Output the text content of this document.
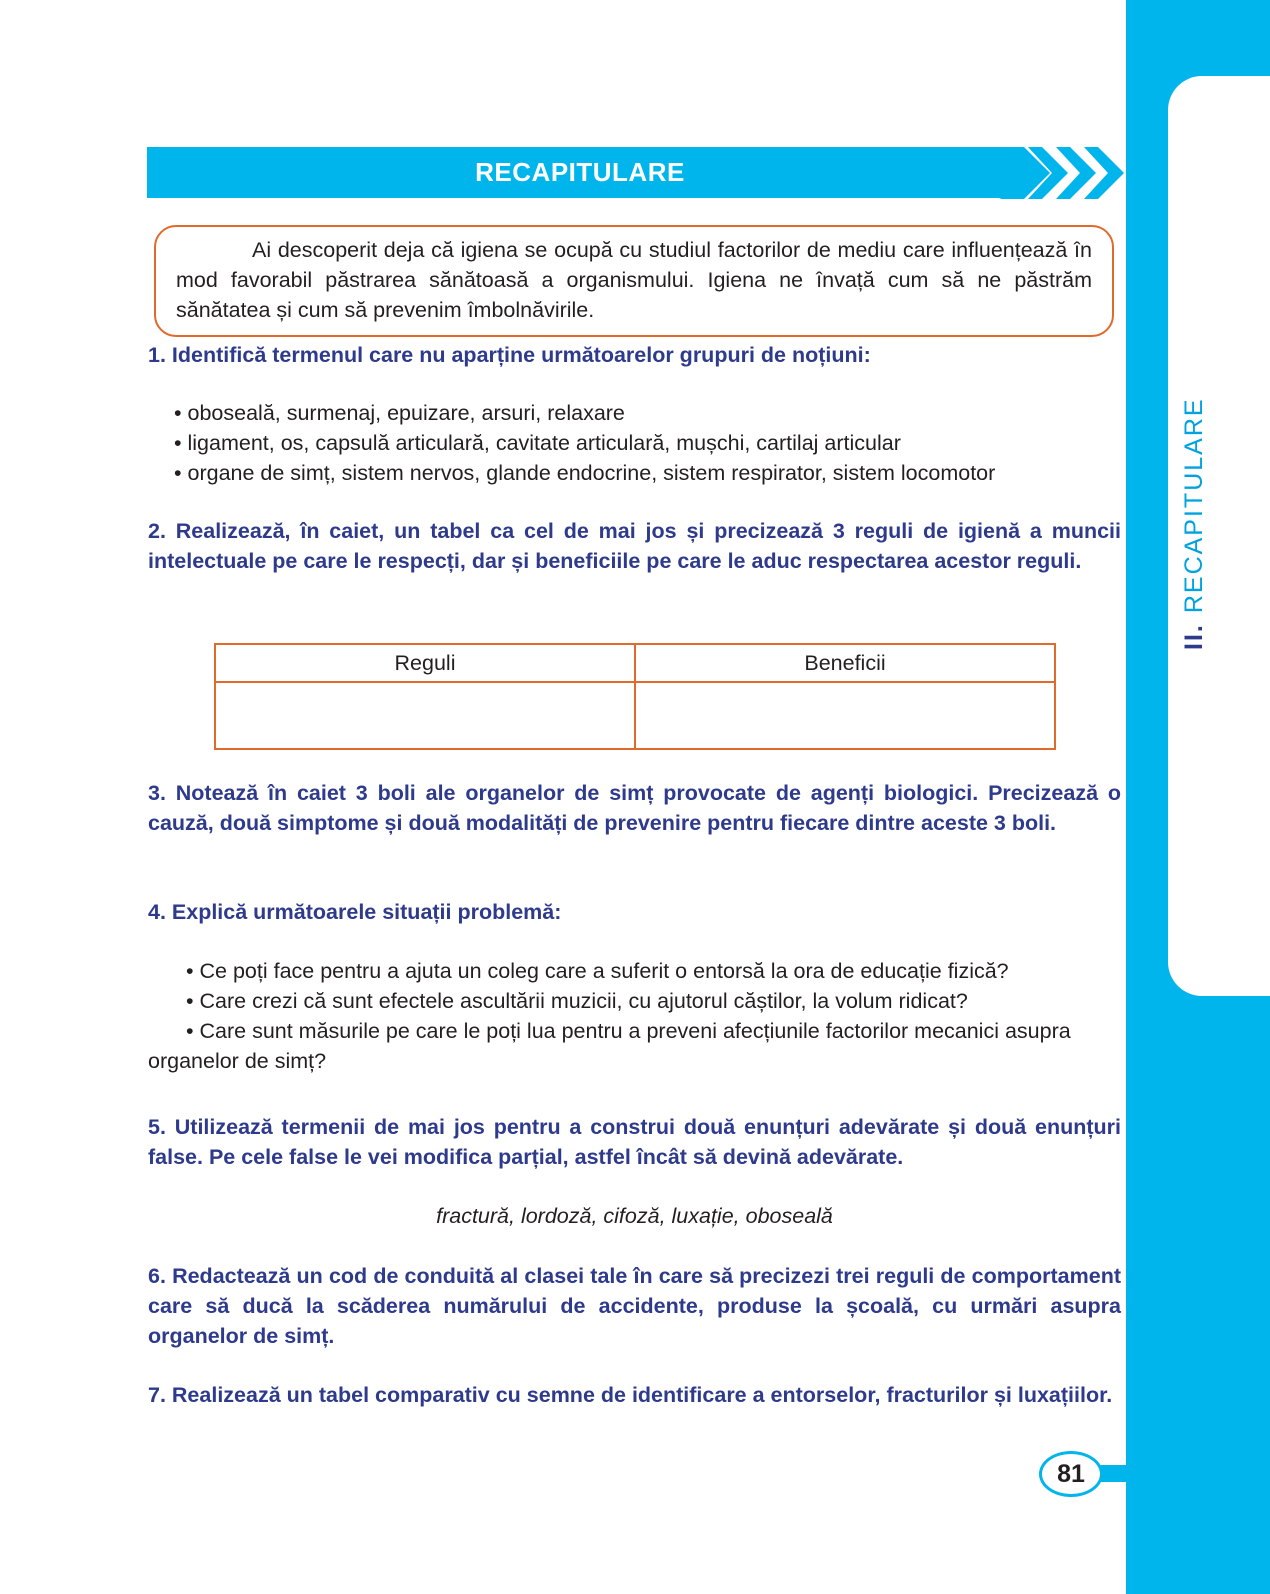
II.
RECAPITULARE
RECAPITULARE

Ai descoperit deja că igiena se ocupă cu studiul factorilor de mediu care influențează în mod favorabil păstrarea sănătoasă a organismului. Igiena ne învață cum să ne păstrăm sănătatea și cum să prevenim îmbolnăvirile.

1. Identifică termenul care nu aparține următoarelor grupuri de noțiuni:

• oboseală, surmenaj, epuizare, arsuri, relaxare
• ligament, os, capsulă articulară, cavitate articulară, mușchi, cartilaj articular
• organe de simț, sistem nervos, glande endocrine, sistem respirator, sistem locomotor

2. Realizează, în caiet, un tabel ca cel de mai jos și precizează 3 reguli de igienă a muncii intelectuale pe care le respecți, dar și beneficiile pe care le aduc respectarea acestor reguli.

Reguli	Beneficii

3. Notează în caiet 3 boli ale organelor de simț provocate de agenți biologici. Precizează o cauză, două simptome și două modalități de prevenire pentru fiecare dintre aceste 3 boli.

4. Explică următoarele situații problemă:

• Ce poți face pentru a ajuta un coleg care a suferit o entorsă la ora de educație fizică?
• Care crezi că sunt efectele ascultării muzicii, cu ajutorul căștilor, la volum ridicat?
• Care sunt măsurile pe care le poți lua pentru a preveni afecțiunile factorilor mecanici asupra organelor de simț?

5. Utilizează termenii de mai jos pentru a construi două enunțuri adevărate și două enunțuri false. Pe cele false le vei modifica parțial, astfel încât să devină adevărate.

fractură, lordoză, cifoză, luxație, oboseală

6. Redactează un cod de conduită al clasei tale în care să precizezi trei reguli de comportament care să ducă la scăderea numărului de accidente, produse la școală, cu urmări asupra organelor de simț.

7. Realizează un tabel comparativ cu semne de identificare a entorselor, fracturilor și luxațiilor.

81
